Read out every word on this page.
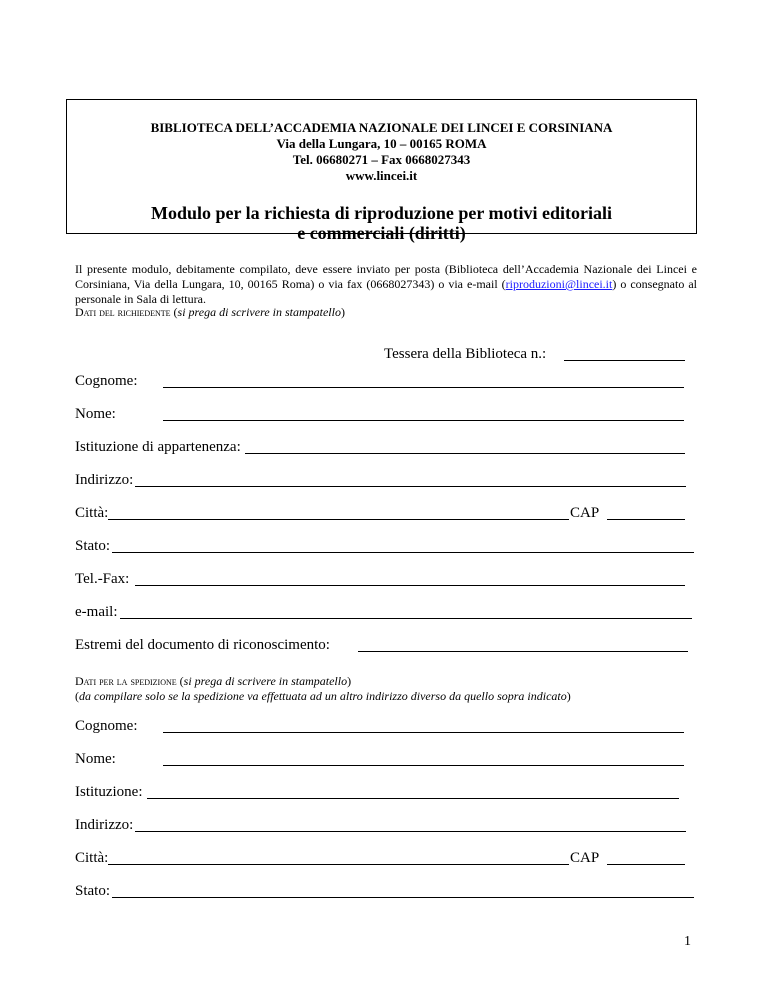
BIBLIOTECA DELL’ACCADEMIA NAZIONALE DEI LINCEI E CORSINIANA
Via della Lungara, 10 – 00165 ROMA
Tel. 06680271 – Fax 0668027343
www.lincei.it
Modulo per la richiesta di riproduzione per motivi editoriali
e commerciali (diritti)
Il presente modulo, debitamente compilato, deve essere inviato per posta (Biblioteca dell’Accademia Nazionale dei Lincei e Corsiniana, Via della Lungara, 10, 00165 Roma) o via fax (0668027343) o via e-mail (riproduzioni@lincei.it) o consegnato al personale in Sala di lettura.
Dati del richiedente (si prega di scrivere in stampatello)
Tessera della Biblioteca n.:
Cognome:
Nome:
Istituzione di appartenenza:
Indirizzo:
Città:	CAP
Stato:
Tel.-Fax:
e-mail:
Estremi del documento di riconoscimento:
Dati per la spedizione (si prega di scrivere in stampatello)
(da compilare solo se la spedizione va effettuata ad un altro indirizzo diverso da quello sopra indicato)
Cognome:
Nome:
Istituzione:
Indirizzo:
Città:	CAP
Stato:
1
